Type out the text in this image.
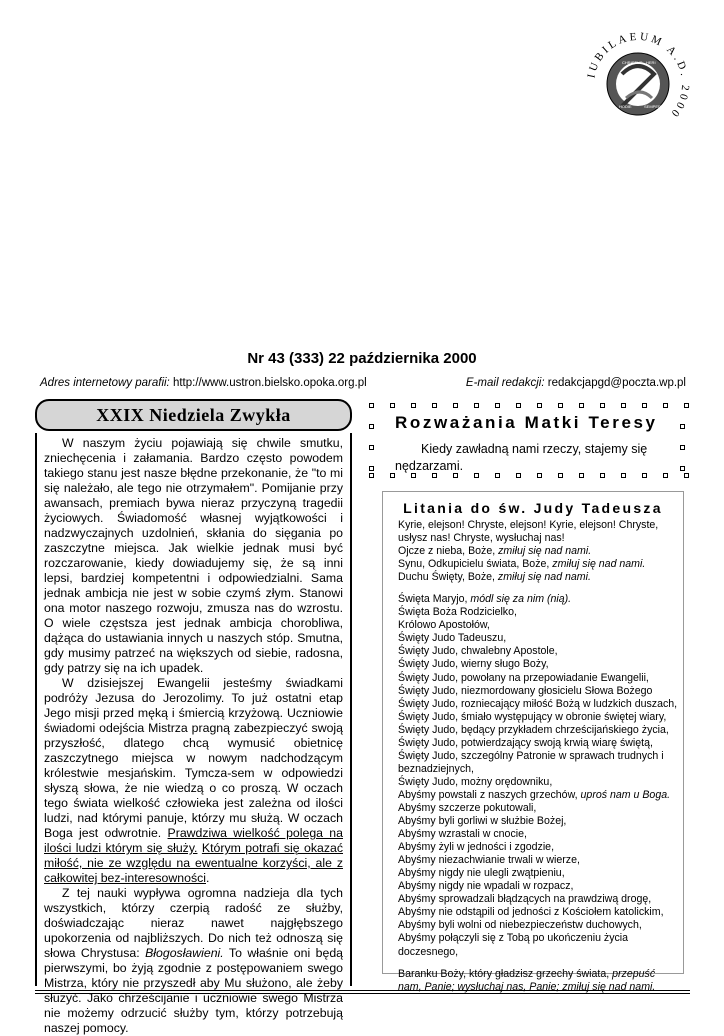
IUBILAEUM A.D. 2000
CHRISTUS HERI
HODIE	SEMPER
Nr 43 (333) 22 października 2000
Adres internetowy parafii: http://www.ustron.bielsko.opoka.org.pl	E-mail redakcji: redakcjapgd@poczta.wp.pl
XXIX Niedziela Zwykła

W naszym życiu pojawiają się chwile smutku, zniechęcenia i załamania. Bardzo często powodem takiego stanu jest nasze błędne przekonanie, że "to mi się należało, ale tego nie otrzymałem". Pomijanie przy awansach, premiach bywa nieraz przyczyną tragedii życiowych. Świadomość własnej wyjątkowości i nadzwyczajnych uzdolnień, skłania do sięgania po zaszczytne miejsca. Jak wielkie jednak musi być rozczarowanie, kiedy dowiadujemy się, że są inni lepsi, bardziej kompetentni i odpowiedzialni. Sama jednak ambicja nie jest w sobie czymś złym. Stanowi ona motor naszego rozwoju, zmusza nas do wzrostu. O wiele częstsza jest jednak ambicja chorobliwa, dążąca do ustawiania innych u naszych stóp. Smutna, gdy musimy patrzeć na większych od siebie, radosna, gdy patrzy się na ich upadek.

W dzisiejszej Ewangelii jesteśmy świadkami podróży Jezusa do Jerozolimy. To już ostatni etap Jego misji przed męką i śmiercią krzyżową. Uczniowie świadomi odejścia Mistrza pragną zabezpieczyć swoją przyszłość, dlatego chcą wymusić obietnicę zaszczytnego miejsca w nowym nadchodzącym królestwie mesjańskim. Tymcza-sem w odpowiedzi słyszą słowa, że nie wiedzą o co proszą. W oczach tego świata wielkość człowieka jest zależna od ilości ludzi, nad którymi panuje, którzy mu służą. W oczach Boga jest odwrotnie. Prawdziwa wielkość polega na ilości ludzi którym się służy. Którym potrafi się okazać miłość, nie ze względu na ewentualne korzyści, ale z całkowitej bez-interesowności.

Z tej nauki wypływa ogromna nadzieja dla tych wszystkich, którzy czerpią radość ze służby, doświadczając nieraz nawet najgłębszego upokorzenia od najbliższych. Do nich też odnoszą się słowa Chrystusa: Błogosławieni. To właśnie oni będą pierwszymi, bo żyją zgodnie z postępowaniem swego Mistrza, który nie przyszedł aby Mu służono, ale żeby służyć. Jako chrześcijanie i uczniowie swego Mistrza nie możemy odrzucić służby tym, którzy potrzebują naszej pomocy.

Rozważania Matki Teresy
Kiedy zawładną nami rzeczy, stajemy się nędzarzami.
Litania do św. Judy Tadeusza
Kyrie, elejson! Chryste, elejson! Kyrie, elejson! Chryste, usłysz nas! Chryste, wysłuchaj nas!
Ojcze z nieba, Boże, zmiłuj się nad nami.
Synu, Odkupicielu świata, Boże, zmiłuj się nad nami.
Duchu Święty, Boże, zmiłuj się nad nami.
Święta Maryjo, módl się za nim (nią).
Święta Boża Rodzicielko,
Królowo Apostołów,
Święty Judo Tadeuszu,
Święty Judo, chwalebny Apostole,
Święty Judo, wierny sługo Boży,
Święty Judo, powołany na przepowiadanie Ewangelii,
Święty Judo, niezmordowany głosicielu Słowa Bożego
Święty Judo, rozniecający miłość Bożą w ludzkich duszach,
Święty Judo, śmiało występujący w obronie świętej wiary,
Święty Judo, będący przykładem chrześcijańskiego życia,
Święty Judo, potwierdzający swoją krwią wiarę świętą,
Święty Judo, szczególny Patronie w sprawach trudnych i beznadziejnych,
Święty Judo, możny orędowniku,
Abyśmy powstali z naszych grzechów, uproś nam u Boga.
Abyśmy szczerze pokutowali,
Abyśmy byli gorliwi w służbie Bożej,
Abyśmy wzrastali w cnocie,
Abyśmy żyli w jedności i zgodzie,
Abyśmy niezachwianie trwali w wierze,
Abyśmy nigdy nie ulegli zwątpieniu,
Abyśmy nigdy nie wpadali w rozpacz,
Abyśmy sprowadzali błądzących na prawdziwą drogę,
Abyśmy nie odstąpili od jedności z Kościołem katolickim,
Abyśmy byli wolni od niebezpieczeństw duchowych,
Abyśmy połączyli się z Tobą po ukończeniu życia doczesnego,
Baranku Boży, który gładzisz grzechy świata, przepuść nam, Panie; wysłuchaj nas, Panie; zmiłuj się nad nami.
